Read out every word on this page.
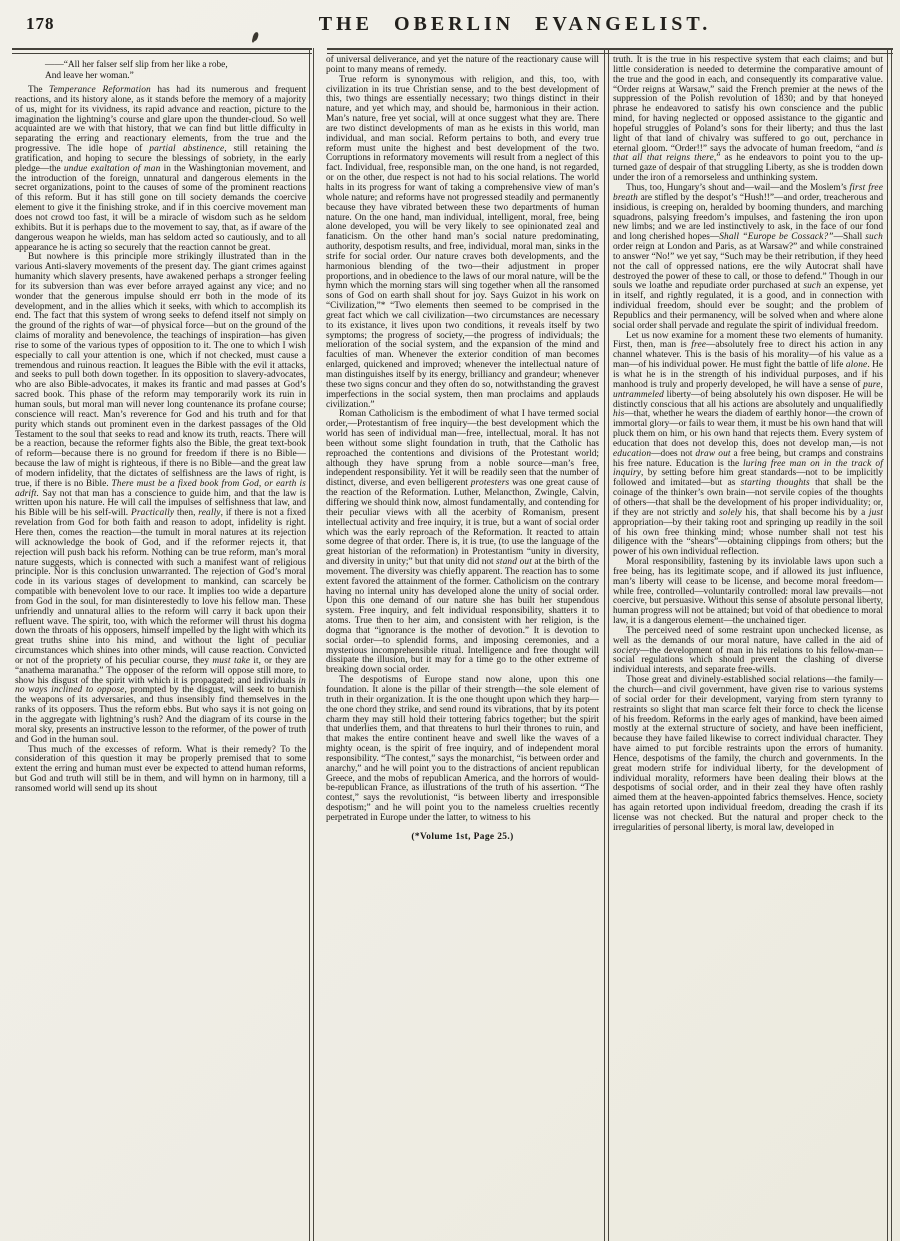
178	THE OBERLIN EVANGELIST.
——“All her falser self slip from her like a robe,
And leave her woman.”

The Temperance Reformation has had its numerous and frequent reactions, and its history alone, as it stands before the memory of a majority of us, might for its vividness, its rapid advance and reaction, picture to the imagination the lightning’s course and glare upon the thunder-cloud. So well acquainted are we with that history, that we can find but little difficulty in separating the erring and reactionary elements, from the true and the progressive. The idle hope of partial abstinence, still retaining the gratification, and hoping to secure the blessings of sobriety, in the early pledge—the undue exaltation of man in the Washingtonian movement, and the introduction of the foreign, unnatural and dangerous elements in the secret organizations, point to the causes of some of the prominent reactions of this reform. But it has still gone on till society demands the coercive element to give it the finishing stroke, and if in this coercive movement man does not crowd too fast, it will be a miracle of wisdom such as he seldom exhibits. But it is perhaps due to the movement to say, that, as if aware of the dangerous weapon he wields, man has seldom acted so cautiously, and to all appearance he is acting so securely that the reaction cannot be great.

But nowhere is this principle more strikingly illustrated than in the various Anti-slavery movements of the present day. The giant crimes against humanity which slavery presents, have awakened perhaps a stronger feeling for its subversion than was ever before arrayed against any vice; and no wonder that the generous impulse should err both in the mode of its development, and in the allies which it seeks, with which to accomplish its end. The fact that this system of wrong seeks to defend itself not simply on the ground of the rights of war—of physical force—but on the ground of the claims of morality and benevolence, the teachings of inspiration—has given rise to some of the various types of opposition to it. The one to which I wish especially to call your attention is one, which if not checked, must cause a tremendous and ruinous reaction. It leagues the Bible with the evil it attacks, and seeks to pull both down together. In its opposition to slavery-advocates, who are also Bible-advocates, it makes its frantic and mad passes at God’s sacred book. This phase of the reform may temporarily work its ruin in human souls, but moral man will never long countenance its profane course; conscience will react. Man’s reverence for God and his truth and for that purity which stands out prominent even in the darkest passages of the Old Testament to the soul that seeks to read and know its truth, reacts. There will be a reaction, because the reformer fights also the Bible, the great text-book of reform—because there is no ground for freedom if there is no Bible—because the law of might is righteous, if there is no Bible—and the great law of modern infidelity, that the dictates of selfishness are the laws of right, is true, if there is no Bible. There must be a fixed book from God, or earth is adrift. Say not that man has a conscience to guide him, and that the law is written upon his nature. He will call the impulses of selfishness that law, and his Bible will be his self-will. Practically then, really, if there is not a fixed revelation from God for both faith and reason to adopt, infidelity is right. Here then, comes the reaction—the tumult in moral natures at its rejection will acknowledge the book of God, and if the reformer rejects it, that rejection will push back his reform. Nothing can be true reform, man’s moral nature suggests, which is connected with such a manifest want of religious principle. Nor is this conclusion unwarranted. The rejection of God’s moral code in its various stages of development to mankind, can scarcely be compatible with benevolent love to our race. It implies too wide a departure from God in the soul, for man disinterestedly to love his fellow man. These unfriendly and unnatural allies to the reform will carry it back upon their refluent wave. The spirit, too, with which the reformer will thrust his dogma down the throats of his opposers, himself impelled by the light with which its great truths shine into his mind, and without the light of peculiar circumstances which shines into other minds, will cause reaction. Convicted or not of the propriety of his peculiar course, they must take it, or they are “anathema maranatha.” The opposer of the reform will oppose still more, to show his disgust of the spirit with which it is propagated; and individuals in no ways inclined to oppose, prompted by the disgust, will seek to burnish the weapons of its adversaries, and thus insensibly find themselves in the ranks of its opposers. Thus the reform ebbs. But who says it is not going on in the aggregate with lightning’s rush? And the diagram of its course in the moral sky, presents an instructive lesson to the reformer, of the power of truth and God in the human soul.

Thus much of the excesses of reform. What is their remedy? To the consideration of this question it may be properly premised that to some extent the erring and human must ever be expected to attend human reforms, but God and truth will still be in them, and will hymn on in harmony, till a ransomed world will send up its shout

of universal deliverance, and yet the nature of the reactionary cause will point to many means of remedy.

True reform is synonymous with religion, and this, too, with civilization in its true Christian sense, and to the best development of this, two things are essentially necessary; two things distinct in their nature, and yet which may, and should be, harmonious in their action. Man’s nature, free yet social, will at once suggest what they are. There are two distinct developments of man as he exists in this world, man individual, and man social. Reform pertains to both, and every true reform must unite the highest and best development of the two. Corruptions in reformatory movements will result from a neglect of this fact. Individual, free, responsible man, on the one hand, is not regarded, or on the other, due respect is not had to his social relations. The world halts in its progress for want of taking a comprehensive view of man’s whole nature; and reforms have not progressed steadily and permanently because they have vibrated between these two departments of human nature. On the one hand, man individual, intelligent, moral, free, being alone developed, you will be very likely to see opinionated zeal and fanaticism. On the other hand man’s social nature predominating, authority, despotism results, and free, individual, moral man, sinks in the strife for social order. Our nature craves both developments, and the harmonious blending of the two—their adjustment in proper proportions, and in obedience to the laws of our moral nature, will be the hymn which the morning stars will sing together when all the ransomed sons of God on earth shall shout for joy. Says Guizot in his work on “Civilization,”* “Two elements then seemed to be comprised in the great fact which we call civilization—two circumstances are necessary to its existance, it lives upon two conditions, it reveals itself by two symptoms; the progress of society,—the progress of individuals; the melioration of the social system, and the expansion of the mind and faculties of man. Whenever the exterior condition of man becomes enlarged, quickened and improved; whenever the intellectual nature of man distinguishes itself by its energy, brilliancy and grandeur; whenever these two signs concur and they often do so, notwithstanding the gravest imperfections in the social system, then man proclaims and applauds civilization.”

Roman Catholicism is the embodiment of what I have termed social order,—Protestantism of free inquiry—the best development which the world has seen of individual man—free, intellectual, moral. It has not been without some slight foundation in truth, that the Catholic has reproached the contentions and divisions of the Protestant world; although they have sprung from a noble source—man’s free, independent responsibility. Yet it will be readily seen that the number of distinct, diverse, and even belligerent protesters was one great cause of the reaction of the Reformation. Luther, Melancthon, Zwingle, Calvin, differing we should think now, almost fundamentally, and contending for their peculiar views with all the acerbity of Romanism, present intellectual activity and free inquiry, it is true, but a want of social order which was the early reproach of the Reformation. It reacted to attain some degree of that order. There is, it is true, (to use the language of the great historian of the reformation) in Protestantism “unity in diversity, and diversity in unity;” but that unity did not stand out at the birth of the movement. The diversity was chiefly apparent. The reaction has to some extent favored the attainment of the former. Catholicism on the contrary having no internal unity has developed alone the unity of social order. Upon this one demand of our nature she has built her stupendous system. Free inquiry, and felt individual responsibility, shatters it to atoms. True then to her aim, and consistent with her religion, is the dogma that “ignorance is the mother of devotion.” It is devotion to social order—to splendid forms, and imposing ceremonies, and a mysterious incomprehensible ritual. Intelligence and free thought will dissipate the illusion, but it may for a time go to the other extreme of breaking down social order.

The despotisms of Europe stand now alone, upon this one foundation. It alone is the pillar of their strength—the sole element of truth in their organization. It is the one thought upon which they harp—the one chord they strike, and send round its vibrations, that by its potent charm they may still hold their tottering fabrics together; but the spirit that underlies them, and that threatens to hurl their thrones to ruin, and that makes the entire continent heave and swell like the waves of a mighty ocean, is the spirit of free inquiry, and of independent moral responsibility. “The contest,” says the monarchist, “is between order and anarchy,” and he will point you to the distractions of ancient republican Greece, and the mobs of republican America, and the horrors of would-be-republican France, as illustrations of the truth of his assertion. “The contest,” says the revolutionist, “is between liberty and irresponsible despotism;” and he will point you to the nameless cruelties recently perpetrated in Europe under the latter, to witness to his

(*Volume 1st, Page 25.)

truth. It is the true in his respective system that each claims; and but little consideration is needed to determine the comparative amount of the true and the good in each, and consequently its comparative value. “Order reigns at Warsaw,” said the French premier at the news of the suppression of the Polish revolution of 1830; and by that honeyed phrase he endeavored to satisfy his own conscience and the public mind, for having neglected or opposed assistance to the gigantic and hopeful struggles of Poland’s sons for their liberty; and thus the last light of that land of chivalry was suffered to go out, perchance in eternal gloom. “Order!!” says the advocate of human freedom, “and is that all that reigns there,” as he endeavors to point you to the up-turned gaze of despair of that struggling Liberty, as she is trodden down under the iron of a remorseless and unthinking system.

Thus, too, Hungary’s shout and—wail—and the Moslem’s first free breath are stifled by the despot’s “Hush!!”—and order, treacherous and insidious, is creeping on, heralded by booming thunders, and marching squadrons, palsying freedom’s impulses, and fastening the iron upon new limbs; and we are led instinctively to ask, in the face of our fond and long cherished hopes—Shall “Europe be Cossack?”—Shall such order reign at London and Paris, as at Warsaw?” and while constrained to answer “No!” we yet say, “Such may be their retribution, if they heed not the call of oppressed nations, ere the wily Autocrat shall have destroyed the power of these to call, or those to defend.” Though in our souls we loathe and repudiate order purchased at such an expense, yet in itself, and rightly regulated, it is a good, and in connection with individual freedom, should ever be sought; and the problem of Republics and their permanency, will be solved when and where alone social order shall pervade and regulate the spirit of individual freedom.

Let us now examine for a moment these two elements of humanity. First, then, man is free—absolutely free to direct his action in any channel whatever. This is the basis of his morality—of his value as a man—of his individual power. He must fight the battle of life alone. He is what he is in the strength of his individual purposes, and if his manhood is truly and properly developed, he will have a sense of pure, untrammeled liberty—of being absolutely his own disposer. He will be distinctly conscious that all his actions are absolutely and unqualifiedly his—that, whether he wears the diadem of earthly honor—the crown of immortal glory—or fails to wear them, it must be his own hand that will pluck them on him, or his own hand that rejects them. Every system of education that does not develop this, does not develop man,—is not education—does not draw out a free being, but cramps and constrains his free nature. Education is the luring free man on in the track of inquiry, by setting before him great standards—not to be implicitly followed and imitated—but as starting thoughts that shall be the coinage of the thinker’s own brain—not servile copies of the thoughts of others—that shall be the development of his proper individuality; or, if they are not strictly and solely his, that shall become his by a just appropriation—by their taking root and springing up readily in the soil of his own free thinking mind; whose number shall not test his diligence with the “shears”—obtaining clippings from others; but the power of his own individual reflection.

Moral responsibility, fastening by its inviolable laws upon such a free being, has its legitimate scope, and if allowed its just influence, man’s liberty will cease to be license, and become moral freedom—while free, controlled—voluntarily controlled: moral law prevails—not coercive, but persuasive. Without this sense of absolute personal liberty, human progress will not be attained; but void of that obedience to moral law, it is a dangerous element—the unchained tiger.

The perceived need of some restraint upon unchecked license, as well as the demands of our moral nature, have called in the aid of society—the development of man in his relations to his fellow-man—social regulations which should prevent the clashing of diverse individual interests, and separate free-wills.

Those great and divinely-established social relations—the family—the church—and civil government, have given rise to various systems of social order for their development, varying from stern tyranny to restraints so slight that man scarce felt their force to check the license of his freedom. Reforms in the early ages of mankind, have been aimed mostly at the external structure of society, and have been inefficient, because they have failed likewise to correct individual character. They have aimed to put forcible restraints upon the errors of humanity. Hence, despotisms of the family, the church and governments. In the great modern strife for individual liberty, for the development of individual morality, reformers have been dealing their blows at the despotisms of social order, and in their zeal they have often rashly aimed them at the heaven-appointed fabrics themselves. Hence, society has again retorted upon individual freedom, dreading the crash if its license was not checked. But the natural and proper check to the irregularities of personal liberty, is moral law, developed in
